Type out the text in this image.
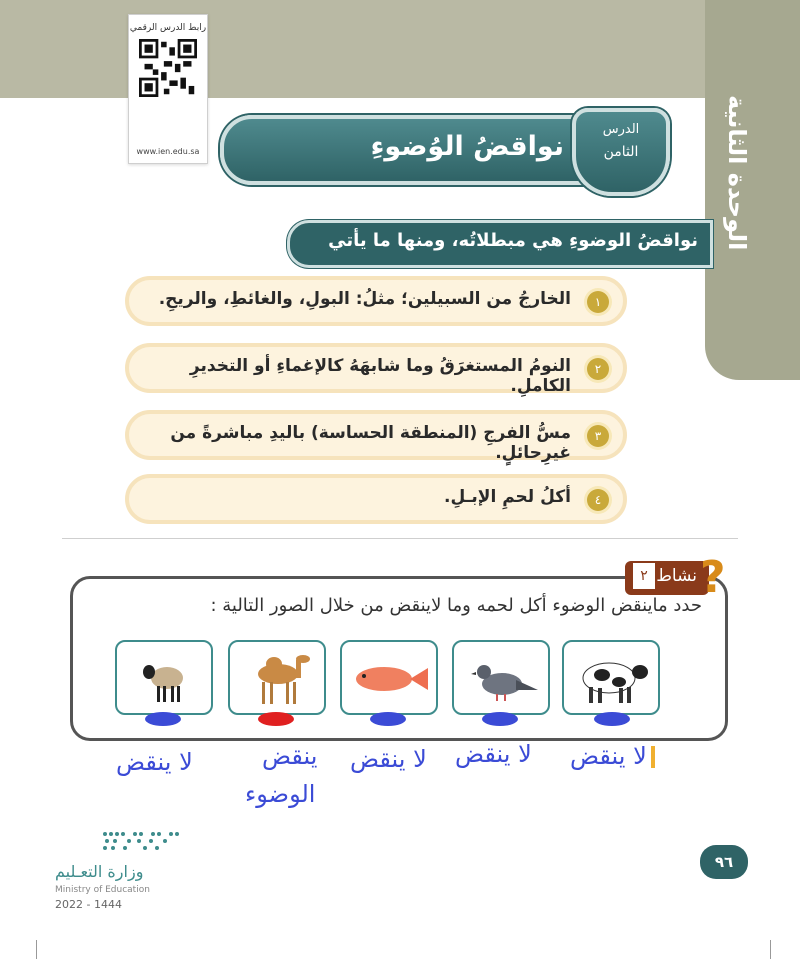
الوحدة الثانية
رابط الدرس الرقمي
www.ien.edu.sa	نواقضُ الوُضوءِ
الدرس
الثامن
نواقضُ الوضوءِ هي مبطلاتُه، ومنها ما يأتي
١
الخارجُ من السبيلين؛ مثلُ: البولِ، والغائطِ، والريحِ.
٢
النومُ المستغرَقُ وما شابهَهُ كالإغماءِ أو التخديرِ الكاملِ.
٣
مسُّ الفرجِ (المنطقة الحساسة) باليدِ مباشرةً من غيرِحائلٍ.
٤
أكلُ لحمِ الإبـلِ.
٢ نشاط ?
حدد ماينقض الوضوء أكل لحمه وما لاينقض من خلال الصور التالية :
لا ينقض
لا ينقض
لا ينقض
ينقض
الوضوء
لا ينقض
وزارة التعـليم
Ministry of Education
2022 - 1444
٩٦
